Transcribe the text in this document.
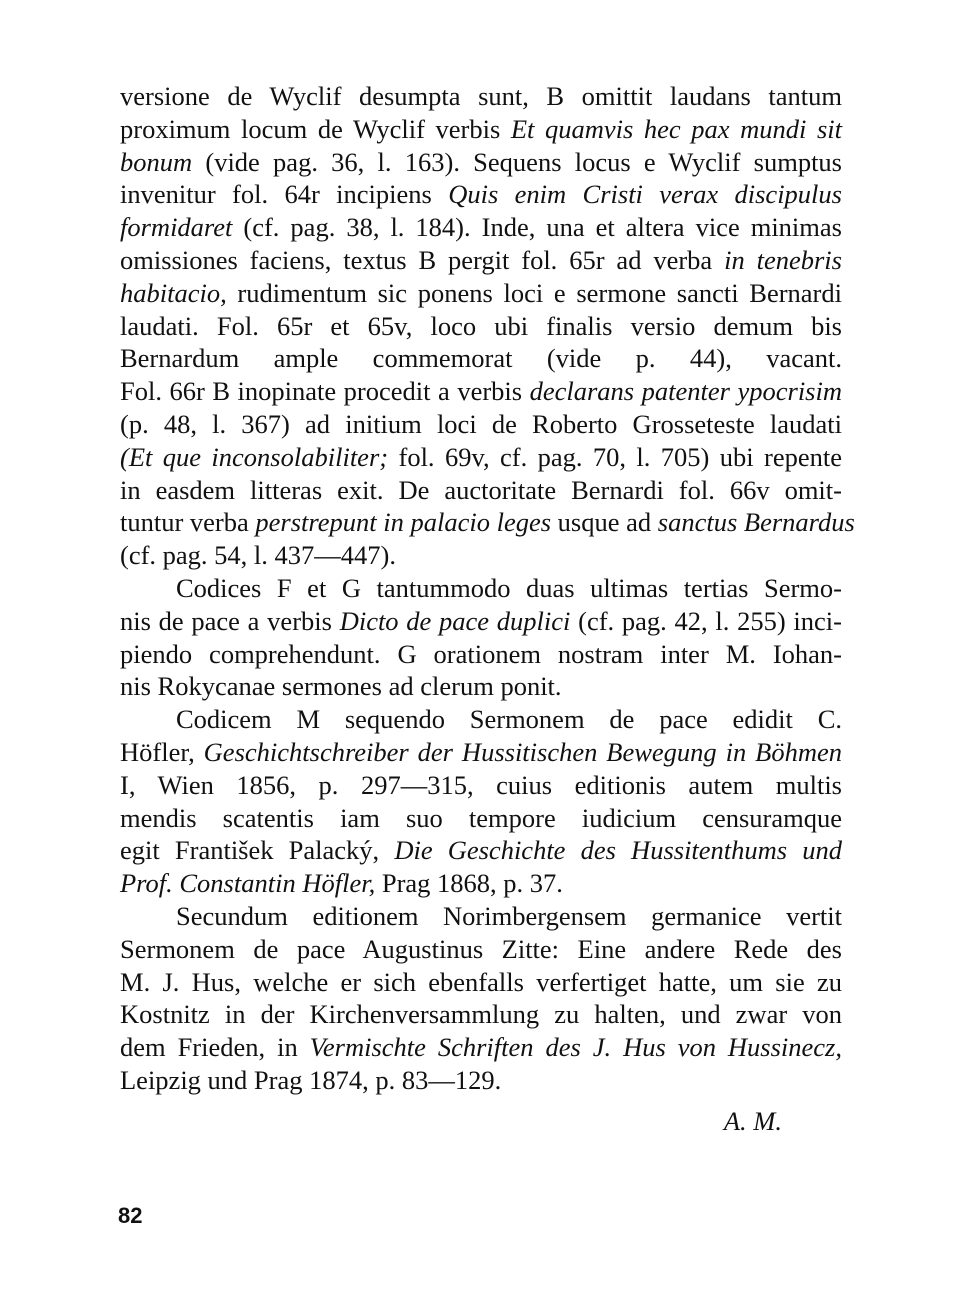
versione de Wyclif desumpta sunt, B omittit laudans tantum
proximum locum de Wyclif verbis Et quamvis hec pax mundi sit
bonum (vide pag. 36, l. 163). Sequens locus e Wyclif sumptus
invenitur fol. 64r incipiens Quis enim Cristi verax discipulus
formidaret (cf. pag. 38, l. 184). Inde, una et altera vice minimas
omissiones faciens, textus B pergit fol. 65r ad verba in tenebris
habitacio, rudimentum sic ponens loci e sermone sancti Bernardi
laudati. Fol. 65r et 65v, loco ubi finalis versio demum bis
Bernardum ample commemorat (vide p. 44), vacant.
Fol. 66r B inopinate procedit a verbis declarans patenter ypocrisim
(p. 48, l. 367) ad initium loci de Roberto Grosseteste laudati
(Et que inconsolabiliter; fol. 69v, cf. pag. 70, l. 705) ubi repente
in easdem litteras exit. De auctoritate Bernardi fol. 66v omit-
tuntur verba perstrepunt in palacio leges usque ad sanctus Bernardus
(cf. pag. 54, l. 437—447).
Codices F et G tantummodo duas ultimas tertias Sermo-
nis de pace a verbis Dicto de pace duplici (cf. pag. 42, l. 255) inci-
piendo comprehendunt. G orationem nostram inter M. Iohan-
nis Rokycanae sermones ad clerum ponit.
Codicem M sequendo Sermonem de pace edidit C.
Höfler, Geschichtschreiber der Hussitischen Bewegung in Böhmen
I, Wien 1856, p. 297—315, cuius editionis autem multis
mendis scatentis iam suo tempore iudicium censuramque
egit František Palacký, Die Geschichte des Hussitenthums und
Prof. Constantin Höfler, Prag 1868, p. 37.
Secundum editionem Norimbergensem germanice vertit
Sermonem de pace Augustinus Zitte: Eine andere Rede des
M. J. Hus, welche er sich ebenfalls verfertiget hatte, um sie zu
Kostnitz in der Kirchenversammlung zu halten, und zwar von
dem Frieden, in Vermischte Schriften des J. Hus von Hussinecz,
Leipzig und Prag 1874, p. 83—129.
A. M.
82
